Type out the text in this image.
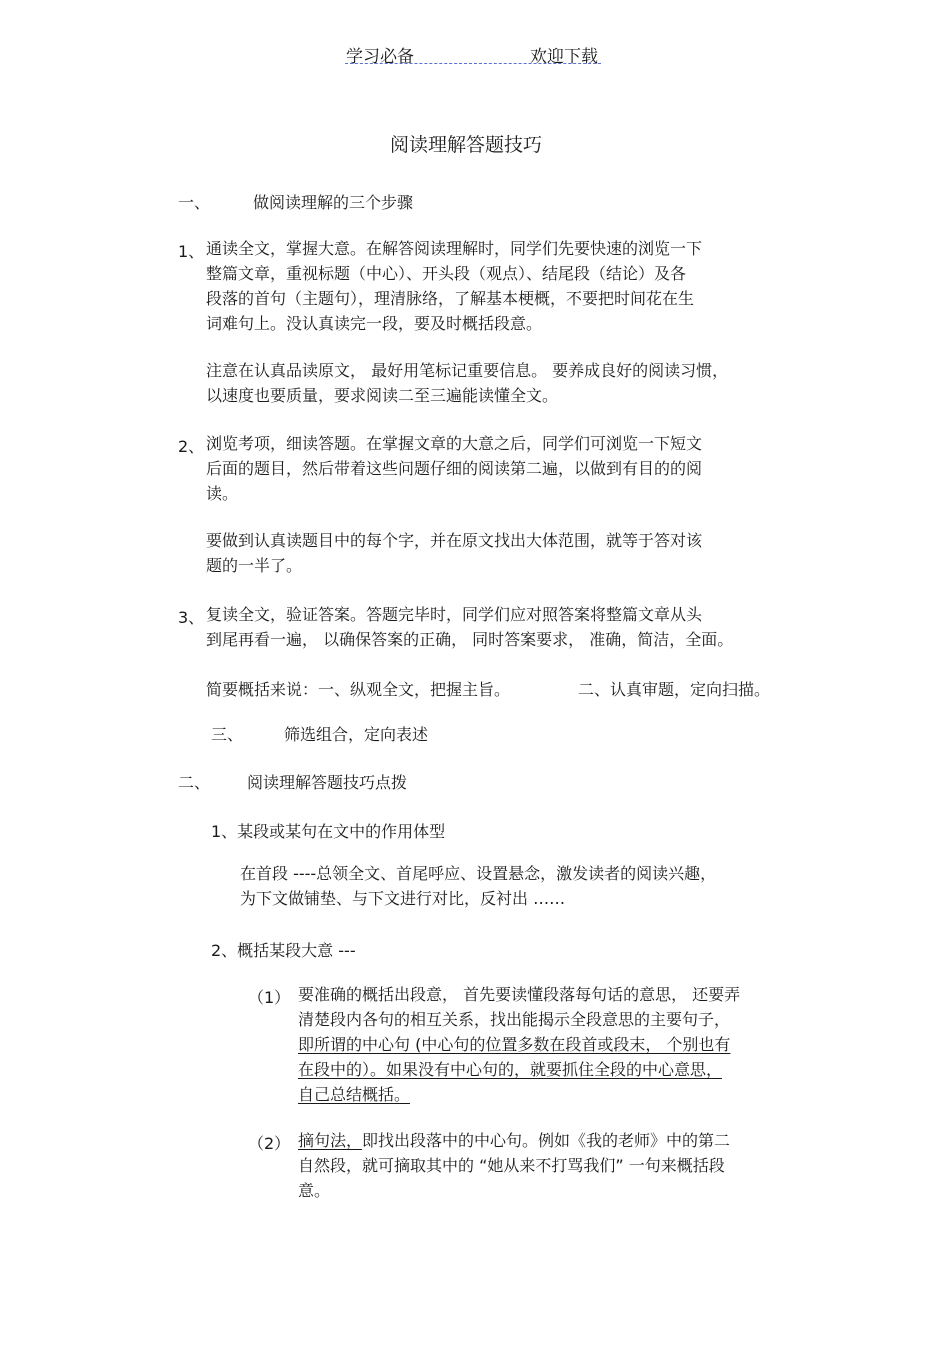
学习必备	欢迎下载
阅读理解答题技巧
一、	做阅读理解的三个步骤
1、 通读全文，掌握大意。在解答阅读理解时，同学们先要快速的浏览一下
整篇文章，重视标题（中心）、开头段（观点）、结尾段（结论）及各
段落的首句（主题句），理清脉络，了解基本梗概，不要把时间花在生
词难句上。没认真读完一段，要及时概括段意。
注意在认真品读原文， 最好用笔标记重要信息。 要养成良好的阅读习惯，
以速度也要质量，要求阅读二至三遍能读懂全文。
2、 浏览考项，细读答题。在掌握文章的大意之后，同学们可浏览一下短文
后面的题目，然后带着这些问题仔细的阅读第二遍，以做到有目的的阅
读。
要做到认真读题目中的每个字，并在原文找出大体范围，就等于答对该
题的一半了。
3、 复读全文，验证答案。答题完毕时，同学们应对照答案将整篇文章从头
到尾再看一遍， 以确保答案的正确， 同时答案要求， 准确，简洁，全面。
简要概括来说：一、纵观全文，把握主旨。	二、认真审题，定向扫描。
三、	筛选组合，定向表述
二、 阅读理解答题技巧点拨
1、某段或某句在文中的作用体型
在首段 ----总领全文、首尾呼应、设置悬念，激发读者的阅读兴趣，
为下文做铺垫、与下文进行对比，反衬出 ……
2、概括某段大意 ---
（1） 要准确的概括出段意， 首先要读懂段落每句话的意思， 还要弄
清楚段内各句的相互关系，找出能揭示全段意思的主要句子，
即所谓的中心句 (中心句的位置多数在段首或段末， 个别也有
在段中的）。如果没有中心句的，就要抓住全段的中心意思，
自己总结概括。
（2） 摘句法，即找出段落中的中心句。例如《我的老师》中的第二
自然段，就可摘取其中的 “她从来不打骂我们” 一句来概括段
意。
